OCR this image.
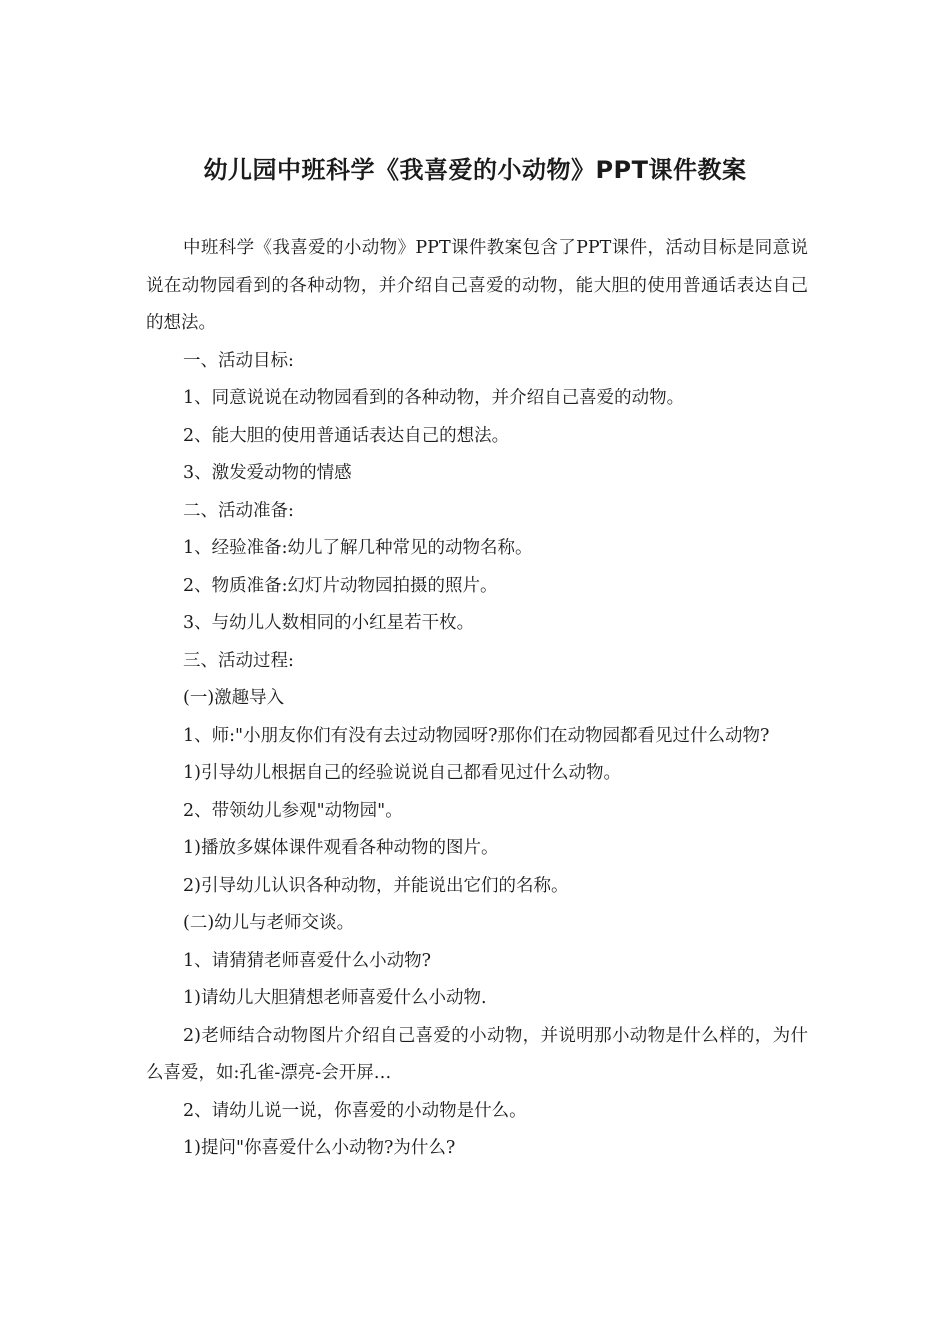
幼儿园中班科学《我喜爱的小动物》PPT课件教案

中班科学《我喜爱的小动物》PPT课件教案包含了PPT课件，活动目标是同意说说在动物园看到的各种动物，并介绍自己喜爱的动物，能大胆的使用普通话表达自己的想法。

一、活动目标:

1、同意说说在动物园看到的各种动物，并介绍自己喜爱的动物。

2、能大胆的使用普通话表达自己的想法。

3、激发爱动物的情感

二、活动准备:

1、经验准备:幼儿了解几种常见的动物名称。

2、物质准备:幻灯片动物园拍摄的照片。

3、与幼儿人数相同的小红星若干枚。

三、活动过程:

(一)激趣导入

1、师:"小朋友你们有没有去过动物园呀?那你们在动物园都看见过什么动物?

1)引导幼儿根据自己的经验说说自己都看见过什么动物。

2、带领幼儿参观"动物园"。

1)播放多媒体课件观看各种动物的图片。

2)引导幼儿认识各种动物，并能说出它们的名称。

(二)幼儿与老师交谈。

1、请猜猜老师喜爱什么小动物?

1)请幼儿大胆猜想老师喜爱什么小动物.

2)老师结合动物图片介绍自己喜爱的小动物，并说明那小动物是什么样的，为什么喜爱，如:孔雀-漂亮-会开屏…

2、请幼儿说一说，你喜爱的小动物是什么。

1)提问"你喜爱什么小动物?为什么?
